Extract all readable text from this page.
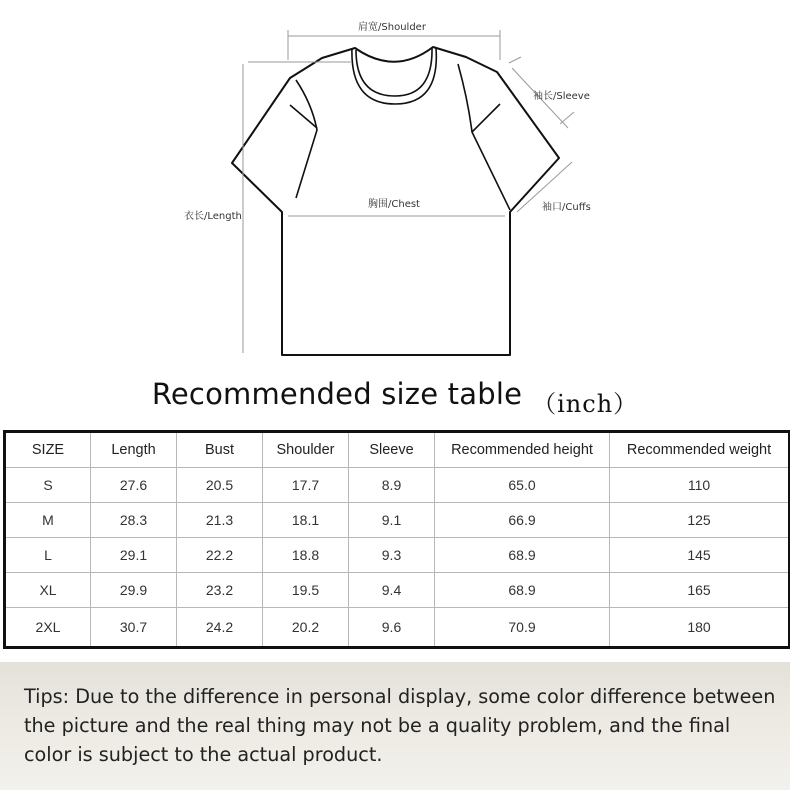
肩宽/Shoulder
袖长/Sleeve
袖口/Cuffs
胸围/Chest
衣长/Length
Recommended size table （inch）
SIZE	Length	Bust	Shoulder	Sleeve	Recommended height	Recommended weight
S	27.6	20.5	17.7	8.9	65.0	110
M	28.3	21.3	18.1	9.1	66.9	125
L	29.1	22.2	18.8	9.3	68.9	145
XL	29.9	23.2	19.5	9.4	68.9	165
2XL	30.7	24.2	20.2	9.6	70.9	180
Tips: Due to the difference in personal display, some color difference between the picture and the real thing may not be a quality problem, and the final color is subject to the actual product.
